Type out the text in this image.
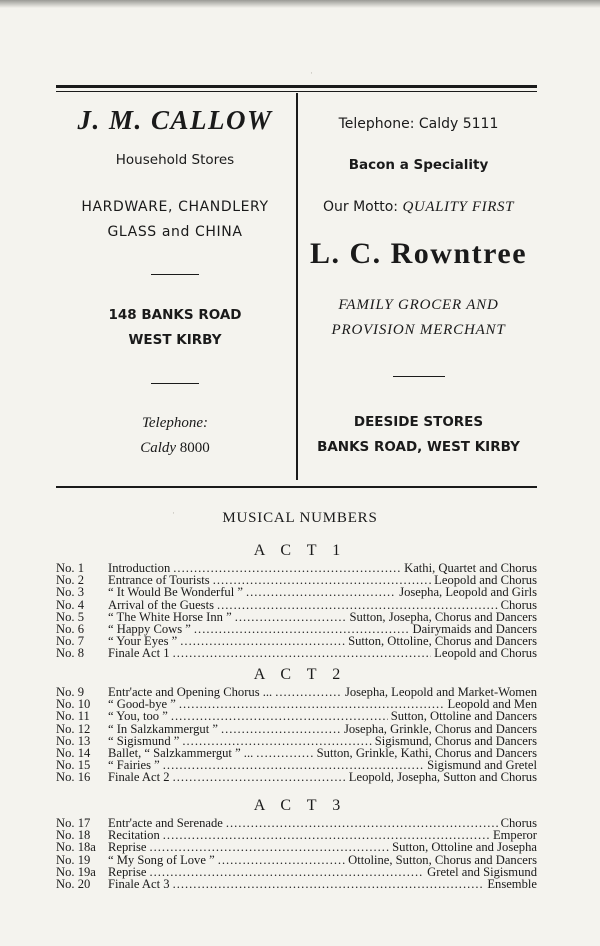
J. M. CALLOW
Household Stores
HARDWARE, CHANDLERY
GLASS and CHINA
148 BANKS ROAD
WEST KIRBY
Telephone:
Caldy 8000
Telephone: Caldy 5111
Bacon a Speciality
Our Motto: QUALITY FIRST
L. C. Rowntree
FAMILY GROCER AND
PROVISION MERCHANT
DEESIDE STORES
BANKS ROAD, WEST KIRBY
MUSICAL NUMBERS
A C T 1
No. 1	Introduction .....	Kathi, Quartet and Chorus
No. 2	Entrance of Tourists .....	Leopold and Chorus
No. 3	“ It Would Be Wonderful ” .....	Josepha, Leopold and Girls
No. 4	Arrival of the Guests .....	Chorus
No. 5	“ The White Horse Inn ” .....	Sutton, Josepha, Chorus and Dancers
No. 6	“ Happy Cows ” .....	Dairymaids and Dancers
No. 7	“ Your Eyes ” .....	Sutton, Ottoline, Chorus and Dancers
No. 8	Finale Act 1 .....	Leopold and Chorus
A C T 2
No. 9	Entr'acte and Opening Chorus ... .....	Josepha, Leopold and Market-Women
No. 10	“ Good-bye ” .....	Leopold and Men
No. 11	“ You, too ” .....	Sutton, Ottoline and Dancers
No. 12	“ In Salzkammergut ” .....	Josepha, Grinkle, Chorus and Dancers
No. 13	“ Sigismund ” .....	Sigismund, Chorus and Dancers
No. 14	Ballet, “ Salzkammergut ” ... .....	Sutton, Grinkle, Kathi, Chorus and Dancers
No. 15	“ Fairies ” .....	Sigismund and Gretel
No. 16	Finale Act 2 .....	Leopold, Josepha, Sutton and Chorus
A C T 3
No. 17	Entr'acte and Serenade .....	Chorus
No. 18	Recitation .....	Emperor
No. 18a Reprise .....	Sutton, Ottoline and Josepha
No. 19	“ My Song of Love ” .....	Ottoline, Sutton, Chorus and Dancers
No. 19a Reprise .....	Gretel and Sigismund
No. 20	Finale Act 3 .....	Ensemble
·
·
